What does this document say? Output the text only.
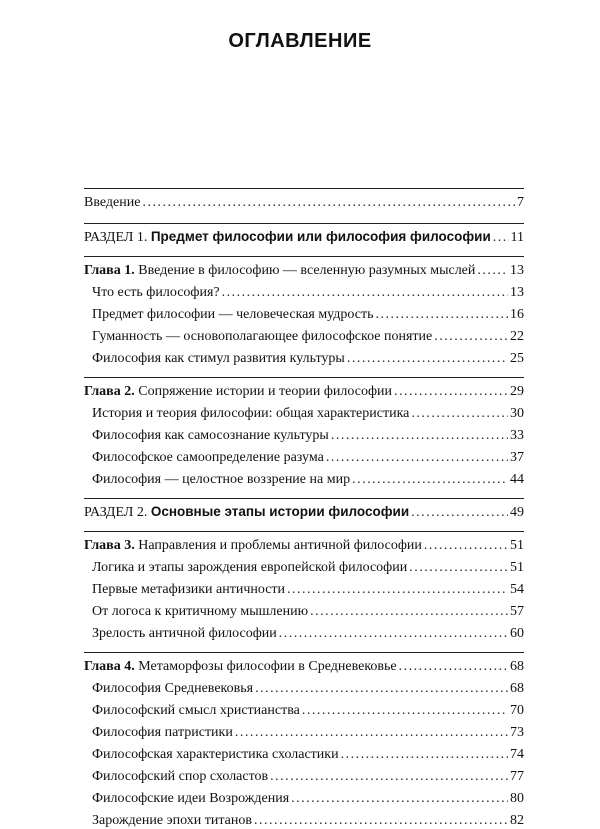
ОГЛАВЛЕНИЕ
Введение . . .	7
РАЗДЕЛ 1. Предмет философии или философия философии . . . 11
Глава 1. Введение в философию — вселенную разумных мыслей . . . 13
Что есть философия? . . .	13
Предмет философии — человеческая мудрость . . .	16
Гуманность — основополагающее философское понятие . . .	22
Философия как стимул развития культуры . . .	25
Глава 2. Сопряжение истории и теории философии . . .	29
История и теория философии: общая характеристика . . .	30
Философия как самосознание культуры . . .	33
Философское самоопределение разума . . .	37
Философия — целостное воззрение на мир . . .	44
РАЗДЕЛ 2. Основные этапы истории философии . . .	49
Глава 3. Направления и проблемы античной философии . . .	51
Логика и этапы зарождения европейской философии . . .	51
Первые метафизики античности . . .	54
От логоса к критичному мышлению . . .	57
Зрелость античной философии . . .	60
Глава 4. Метаморфозы философии в Средневековье . . .	68
Философия Средневековья . . .	68
Философский смысл христианства . . .	70
Философия патристики . . .	73
Философская характеристика схоластики . . .	74
Философский спор схоластов . . .	77
Философские идеи Возрождения . . .	80
Зарождение эпохи титанов . . .	82
